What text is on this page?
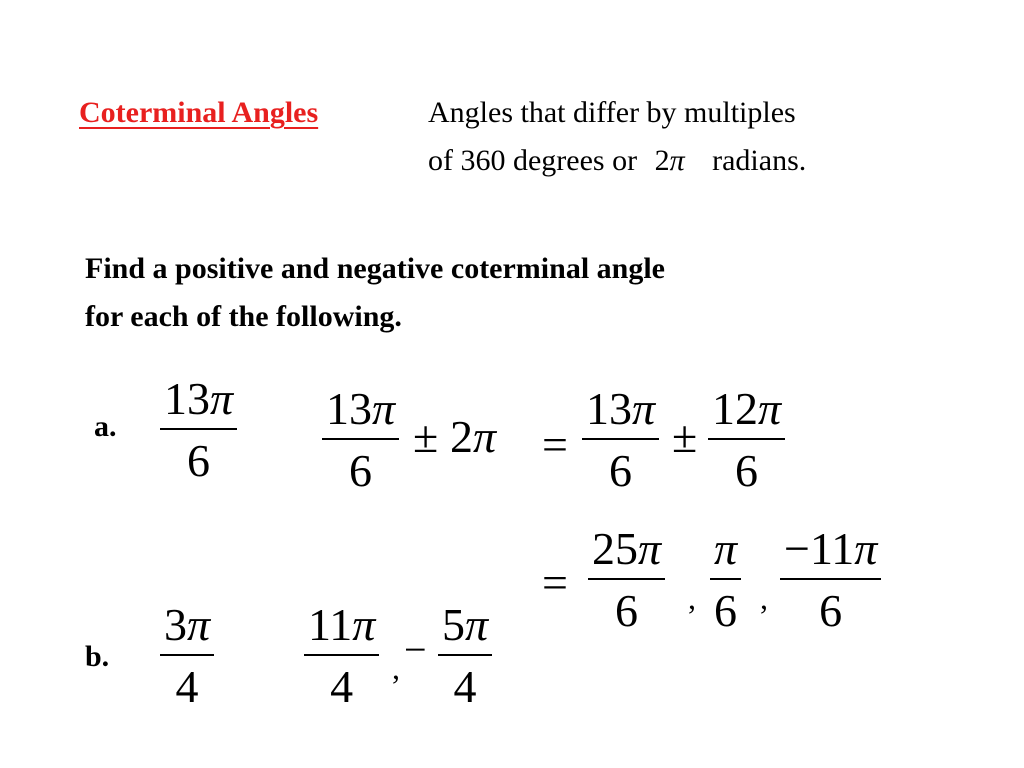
Coterminal Angles	Angles that differ by multiples
of 360 degrees or 2π radians.
Find a positive and negative coterminal angle
for each of the following.
a.
13π
6
13π
6
± 2π =
13π
6
±
12π
6
=
25π
6 ,
π
6 ,
−11π
6
b.
3π
4
11π
4 , − 5π
4
